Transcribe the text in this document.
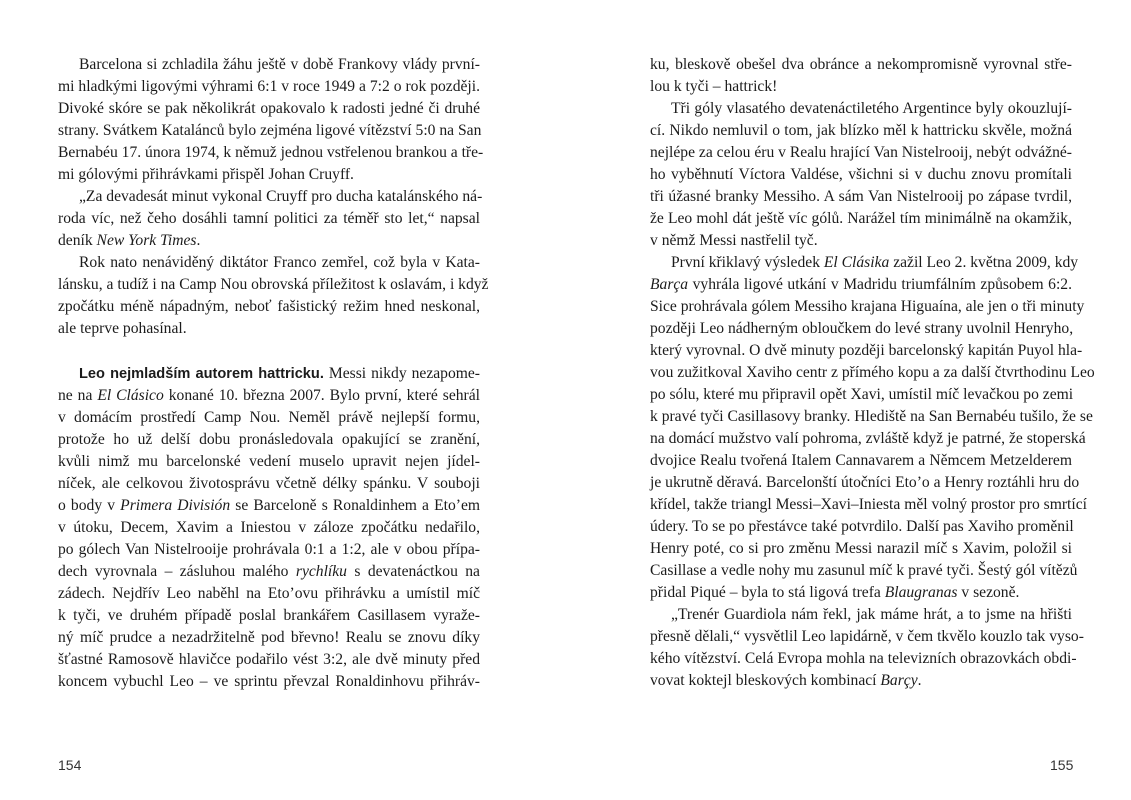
Barcelona si zchladila žáhu ještě v době Frankovy vlády první-
mi hladkými ligovými výhrami 6:1 v roce 1949 a 7:2 o rok později.
Divoké skóre se pak několikrát opakovalo k radosti jedné či druhé
strany. Svátkem Katalánců bylo zejména ligové vítězství 5:0 na San
Bernabéu 17. února 1974, k němuž jednou vstřelenou brankou a tře-
mi gólovými přihrávkami přispěl Johan Cruyff.
„Za devadesát minut vykonal Cruyff pro ducha katalánského ná-
roda víc, než čeho dosáhli tamní politici za téměř sto let,“ napsal
deník New York Times.
Rok nato nenáviděný diktátor Franco zemřel, což byla v Kata-
lánsku, a tudíž i na Camp Nou obrovská příležitost k oslavám, i když
zpočátku méně nápadným, neboť fašistický režim hned neskonal,
ale teprve pohasínal.
Leo nejmladším autorem hattricku. Messi nikdy nezapome-
ne na El Clásico konané 10. března 2007. Bylo první, které sehrál
v domácím prostředí Camp Nou. Neměl právě nejlepší formu,
protože ho už delší dobu pronásledovala opakující se zranění,
kvůli nimž mu barcelonské vedení muselo upravit nejen jídel-
níček, ale celkovou životosprávu včetně délky spánku. V souboji
o body v Primera División se Barceloně s Ronaldinhem a Eto’em
v útoku, Decem, Xavim a Iniestou v záloze zpočátku nedařilo,
po gólech Van Nistelrooije prohrávala 0:1 a 1:2, ale v obou přípa-
dech vyrovnala – zásluhou malého rychlíku s devatenáctkou na
zádech. Nejdřív Leo naběhl na Eto’ovu přihrávku a umístil míč
k tyči, ve druhém případě poslal brankářem Casillasem vyraže-
ný míč prudce a nezadržitelně pod břevno! Realu se znovu díky
šťastné Ramosově hlavičce podařilo vést 3:2, ale dvě minuty před
koncem vybuchl Leo – ve sprintu převzal Ronaldinhovu přihráv-
154
ku, bleskově obešel dva obránce a nekompromisně vyrovnal stře-
lou k tyči – hattrick!
Tři góly vlasatého devatenáctiletého Argentince byly okouzlují-
cí. Nikdo nemluvil o tom, jak blízko měl k hattricku skvěle, možná
nejlépe za celou éru v Realu hrající Van Nistelrooij, nebýt odvážné-
ho vyběhnutí Víctora Valdése, všichni si v duchu znovu promítali
tři úžasné branky Messiho. A sám Van Nistelrooij po zápase tvrdil,
že Leo mohl dát ještě víc gólů. Narážel tím minimálně na okamžik,
v němž Messi nastřelil tyč.
První křiklavý výsledek El Clásika zažil Leo 2. května 2009, kdy
Barça vyhrála ligové utkání v Madridu triumfálním způsobem 6:2.
Sice prohrávala gólem Messiho krajana Higuaína, ale jen o tři minuty
později Leo nádherným obloučkem do levé strany uvolnil Henryho,
který vyrovnal. O dvě minuty později barcelonský kapitán Puyol hla-
vou zužitkoval Xaviho centr z přímého kopu a za další čtvrthodinu Leo
po sólu, které mu připravil opět Xavi, umístil míč levačkou po zemi
k pravé tyči Casillasovy branky. Hlediště na San Bernabéu tušilo, že se
na domácí mužstvo valí pohroma, zvláště když je patrné, že stoperská
dvojice Realu tvořená Italem Cannavarem a Němcem Metzelderem
je ukrutně děravá. Barcelonští útočníci Eto’o a Henry roztáhli hru do
křídel, takže triangl Messi–Xavi–Iniesta měl volný prostor pro smrtící
údery. To se po přestávce také potvrdilo. Další pas Xaviho proměnil
Henry poté, co si pro změnu Messi narazil míč s Xavim, položil si
Casillase a vedle nohy mu zasunul míč k pravé tyči. Šestý gól vítězů
přidal Piqué – byla to stá ligová trefa Blaugranas v sezoně.
„Trenér Guardiola nám řekl, jak máme hrát, a to jsme na hřišti
přesně dělali,“ vysvětlil Leo lapidárně, v čem tkvělo kouzlo tak vyso-
kého vítězství. Celá Evropa mohla na televizních obrazovkách obdi-
vovat koktejl bleskových kombinací Barçy.
155
